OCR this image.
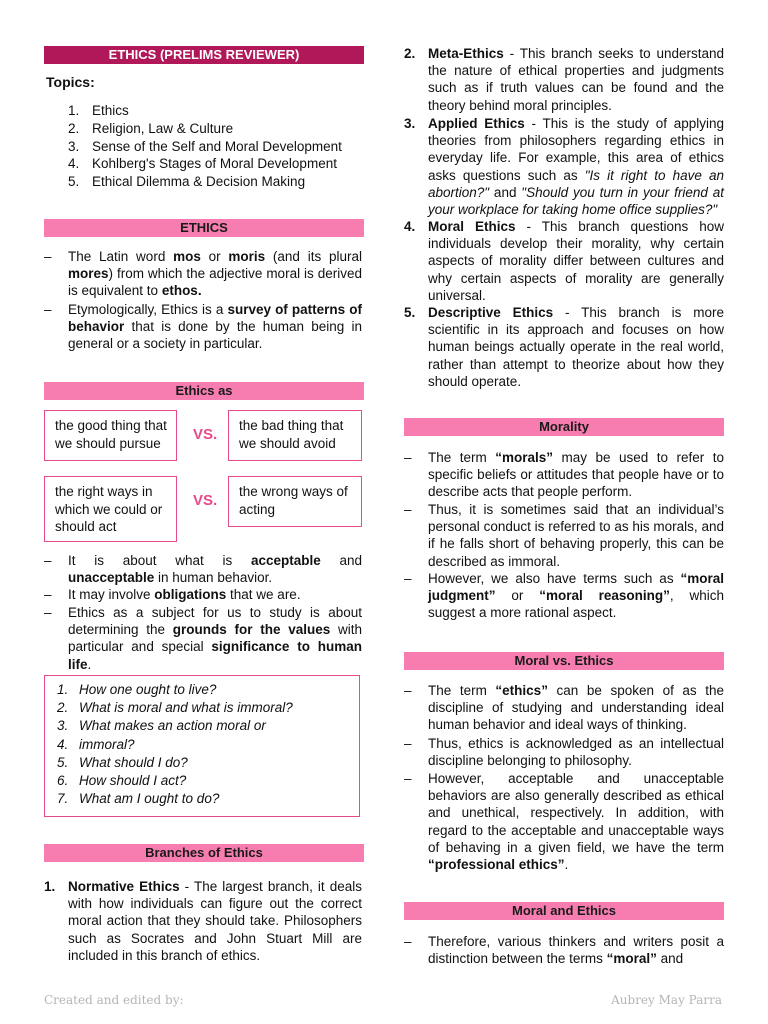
ETHICS (PRELIMS REVIEWER)
Topics:
1. Ethics
2. Religion, Law & Culture
3. Sense of the Self and Moral Development
4. Kohlberg's Stages of Moral Development
5. Ethical Dilemma & Decision Making
ETHICS
– The Latin word mos or moris (and its plural mores) from which the adjective moral is derived is equivalent to ethos.
– Etymologically, Ethics is a survey of patterns of behavior that is done by the human being in general or a society in particular.
Ethics as
the good thing that we should pursue	VS.
the bad thing that we should avoid
the right ways in which we could or should act
VS.
the wrong ways of acting
– It is about what is acceptable and unacceptable in human behavior.
– It may involve obligations that we are.
– Ethics as a subject for us to study is about determining the grounds for the values with particular and special significance to human life.
1. How one ought to live?
2. What is moral and what is immoral?
3. What makes an action moral or
4. immoral?
5. What should I do?
6. How should I act?
7. What am I ought to do?
Branches of Ethics
1. Normative Ethics - The largest branch, it deals with how individuals can figure out the correct moral action that they should take. Philosophers such as Socrates and John Stuart Mill are included in this branch of ethics.
2. Meta-Ethics - This branch seeks to understand the nature of ethical properties and judgments such as if truth values can be found and the theory behind moral principles.
3. Applied Ethics - This is the study of applying theories from philosophers regarding ethics in everyday life. For example, this area of ethics asks questions such as "Is it right to have an abortion?" and "Should you turn in your friend at your workplace for taking home office supplies?"
4. Moral Ethics - This branch questions how individuals develop their morality, why certain aspects of morality differ between cultures and why certain aspects of morality are generally universal.
5. Descriptive Ethics - This branch is more scientific in its approach and focuses on how human beings actually operate in the real world, rather than attempt to theorize about how they should operate.
Morality
– The term “morals” may be used to refer to specific beliefs or attitudes that people have or to describe acts that people perform.
– Thus, it is sometimes said that an individual’s personal conduct is referred to as his morals, and if he falls short of behaving properly, this can be described as immoral.
– However, we also have terms such as “moral judgment” or “moral reasoning”, which suggest a more rational aspect.
Moral vs. Ethics
– The term “ethics” can be spoken of as the discipline of studying and understanding ideal human behavior and ideal ways of thinking.
– Thus, ethics is acknowledged as an intellectual discipline belonging to philosophy.
– However, acceptable and unacceptable behaviors are also generally described as ethical and unethical, respectively. In addition, with regard to the acceptable and unacceptable ways of behaving in a given field, we have the term “professional ethics”.
Moral and Ethics
– Therefore, various thinkers and writers posit a distinction between the terms “moral” and
Created and edited by:	Aubrey May Parra
